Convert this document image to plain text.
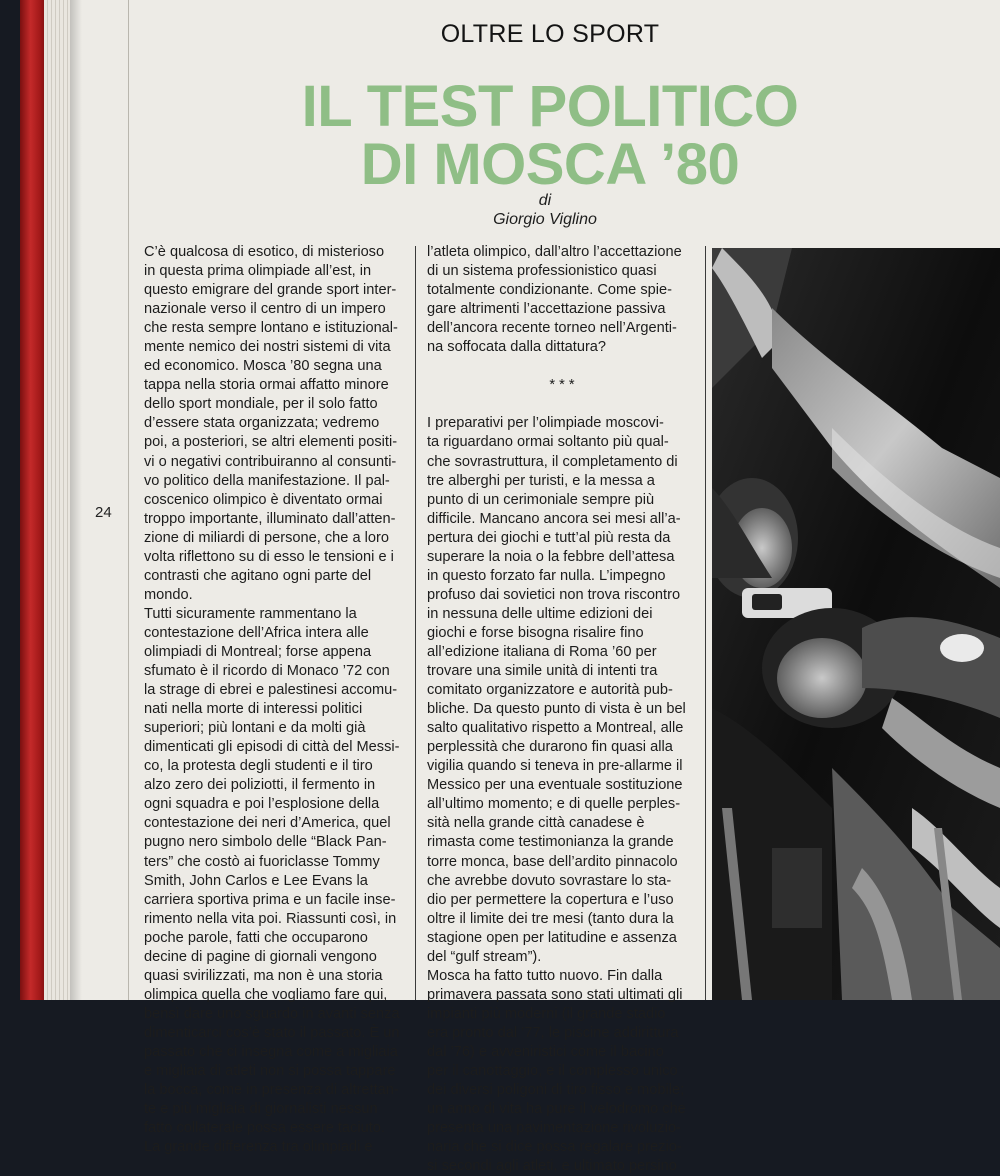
OLTRE LO SPORT
IL TEST POLITICO
DI MOSCA ’80
di
Giorgio Viglino
24
C’è qualcosa di esotico, di misterioso
in questa prima olimpiade all’est, in
questo emigrare del grande sport inter-
nazionale verso il centro di un impero
che resta sempre lontano e istituzional-
mente nemico dei nostri sistemi di vita
ed economico. Mosca ’80 segna una
tappa nella storia ormai affatto minore
dello sport mondiale, per il solo fatto
d’essere stata organizzata; vedremo
poi, a posteriori, se altri elementi positi-
vi o negativi contribuiranno al consunti-
vo politico della manifestazione. Il pal-
coscenico olimpico è diventato ormai
troppo importante, illuminato dall’atten-
zione di miliardi di persone, che a loro
volta riflettono su di esso le tensioni e i
contrasti che agitano ogni parte del
mondo.
Tutti sicuramente rammentano la
contestazione dell’Africa intera alle
olimpiadi di Montreal; forse appena
sfumato è il ricordo di Monaco ’72 con
la strage di ebrei e palestinesi accomu-
nati nella morte di interessi politici
superiori; più lontani e da molti già
dimenticati gli episodi di città del Messi-
co, la protesta degli studenti e il tiro
alzo zero dei poliziotti, il fermento in
ogni squadra e poi l’esplosione della
contestazione dei neri d’America, quel
pugno nero simbolo delle “Black Pan-
ters” che costò ai fuoriclasse Tommy
Smith, John Carlos e Lee Evans la
carriera sportiva prima e un facile inse-
rimento nella vita poi. Riassunti così, in
poche parole, fatti che occuparono
decine di pagine di giornali vengono
quasi svirilizzati, ma non è una storia
olimpica quella che vogliamo fare qui,
bensì dare uno sguardo in avanti senza
dimenticarci cos’è stato il passato. È un
passato che ci insegna come a migliaia
e migliaia di atleti non si possa tappare
la bocca, come in presenza di altrettan-
te e più migliaia di giornalisti nessun
fatto collaterale possa essere taciuto.
La grande differenza tra olimpiadi e
l’atleta olimpico, dall’altro l’accettazione
di un sistema professionistico quasi
totalmente condizionante. Come spie-
gare altrimenti l’accettazione passiva
dell’ancora recente torneo nell’Argenti-
na soffocata dalla dittatura?

* * *

I preparativi per l’olimpiade moscovi-
ta riguardano ormai soltanto più qual-
che sovrastruttura, il completamento di
tre alberghi per turisti, e la messa a
punto di un cerimoniale sempre più
difficile. Mancano ancora sei mesi all’a-
pertura dei giochi e tutt’al più resta da
superare la noia o la febbre dell’attesa
in questo forzato far nulla. L’impegno
profuso dai sovietici non trova riscontro
in nessuna delle ultime edizioni dei
giochi e forse bisogna risalire fino
all’edizione italiana di Roma ’60 per
trovare una simile unità di intenti tra
comitato organizzatore e autorità pub-
bliche. Da questo punto di vista è un bel
salto qualitativo rispetto a Montreal, alle
perplessità che durarono fin quasi alla
vigilia quando si teneva in pre-allarme il
Messico per una eventuale sostituzione
all’ultimo momento; e di quelle perples-
sità nella grande città canadese è
rimasta come testimonianza la grande
torre monca, base dell’ardito pinnacolo
che avrebbe dovuto sovrastare lo sta-
dio per permettere la copertura e l’uso
oltre il limite dei tre mesi (tanto dura la
stagione open per latitudine e assenza
del “gulf stream”).
Mosca ha fatto tutto nuovo. Fin dalla
primavera passata sono stati ultimati gli
impianti più moderni (il grande stadio
era pronto dal ’77, le piscine addirittura
dal ’76) e avveniristici come il bacino
per il canottaggio, e il complesso unico
dei diversi poligoni di tiro fisso e mobile;
un anno di vita ha pure il velodromo che
presenta una pavimentazione rivoluzio-
naria che si dice possa regalare prezio-
si secondi agli atleti, e ultimato persino
